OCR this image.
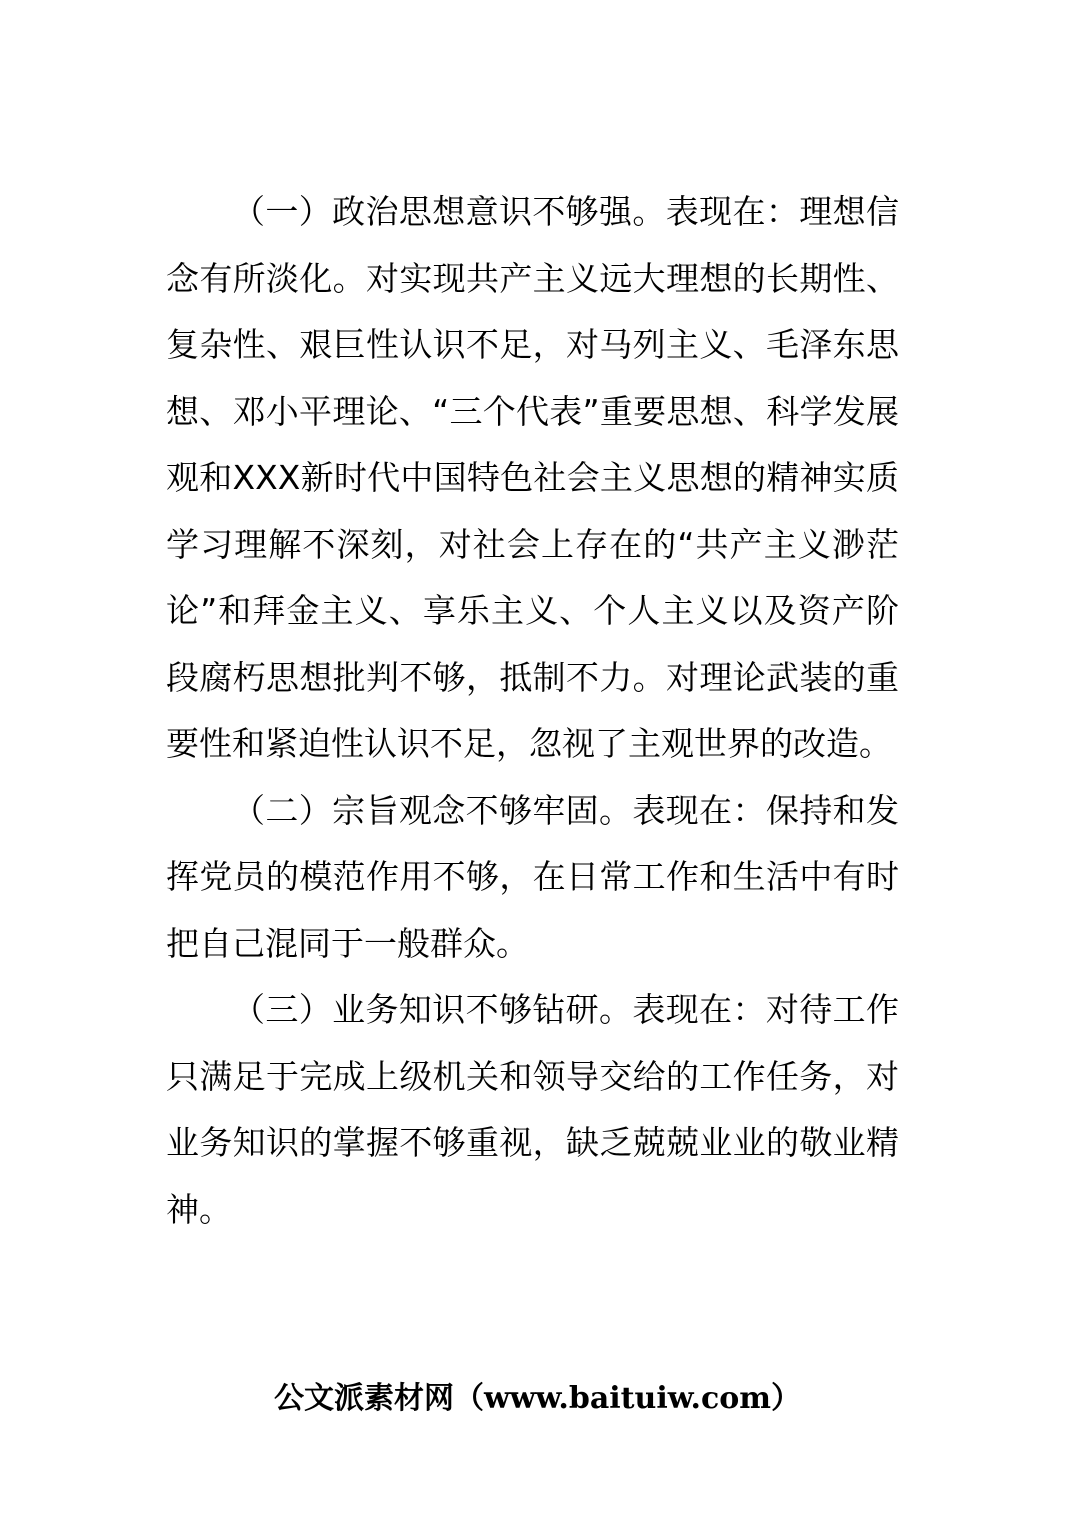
（一）政治思想意识不够强。表现在：理想信念有所淡化。对实现共产主义远大理想的长期性、复杂性、艰巨性认识不足，对马列主义、毛泽东思想、邓小平理论、“三个代表”重要思想、科学发展观和XXX新时代中国特色社会主义思想的精神实质学习理解不深刻，对社会上存在的“共产主义渺茫论”和拜金主义、享乐主义、个人主义以及资产阶段腐朽思想批判不够，抵制不力。对理论武装的重要性和紧迫性认识不足，忽视了主观世界的改造。

（二）宗旨观念不够牢固。表现在：保持和发挥党员的模范作用不够，在日常工作和生活中有时把自己混同于一般群众。

（三）业务知识不够钻研。表现在：对待工作只满足于完成上级机关和领导交给的工作任务，对业务知识的掌握不够重视，缺乏兢兢业业的敬业精神。

公文派素材网（www.baituiw.com）
